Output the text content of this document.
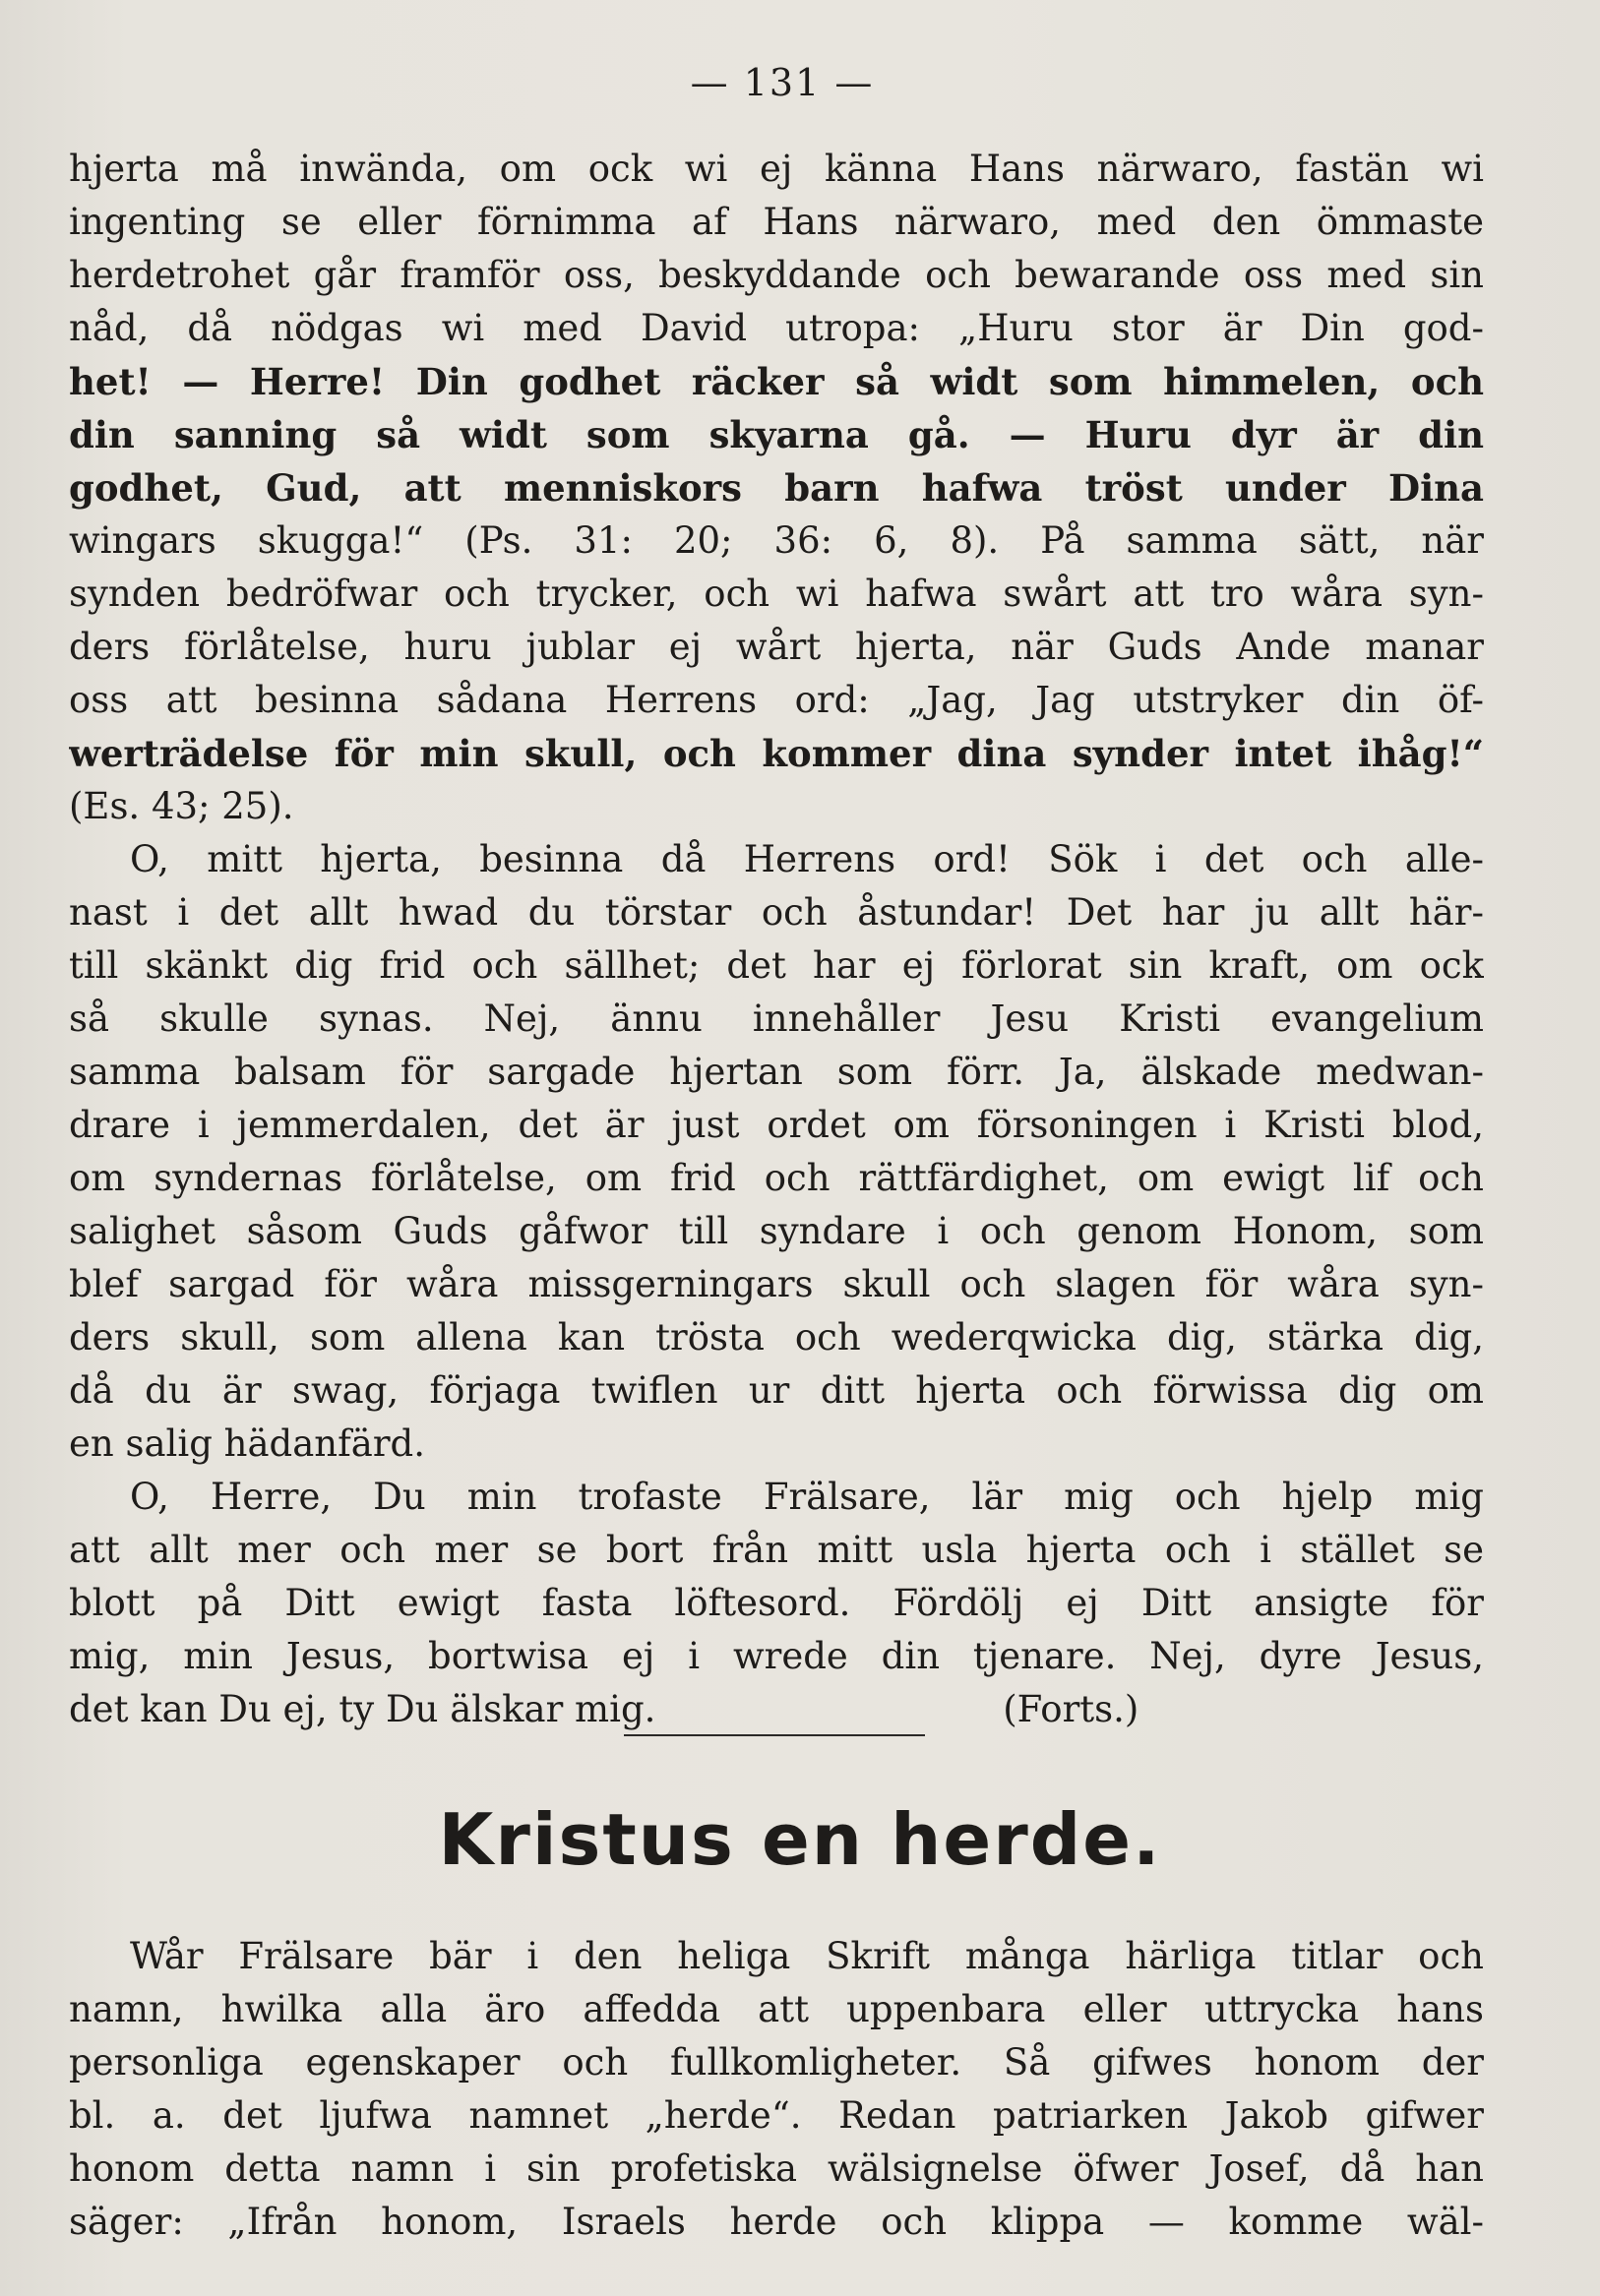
— 131 —
hjerta må inwända, om ock wi ej känna Hans närwaro, fastän wi
ingenting se eller förnimma af Hans närwaro, med den ömmaste
herdetrohet går framför oss, beskyddande och bewarande oss med sin
nåd, då nödgas wi med David utropa: „Huru stor är Din god-
het! — Herre! Din godhet räcker så widt som himmelen, och
din sanning så widt som skyarna gå. — Huru dyr är din
godhet, Gud, att menniskors barn hafwa tröst under Dina
wingars skugga!“ (Ps. 31: 20; 36: 6, 8). På samma sätt, när
synden bedröfwar och trycker, och wi hafwa swårt att tro wåra syn-
ders förlåtelse, huru jublar ej wårt hjerta, när Guds Ande manar
oss att besinna sådana Herrens ord: „Jag, Jag utstryker din öf-
werträdelse för min skull, och kommer dina synder intet ihåg!“
(Es. 43; 25).
O, mitt hjerta, besinna då Herrens ord! Sök i det och alle-
nast i det allt hwad du törstar och åstundar! Det har ju allt här-
till skänkt dig frid och sällhet; det har ej förlorat sin kraft, om ock
så skulle synas. Nej, ännu innehåller Jesu Kristi evangelium
samma balsam för sargade hjertan som förr. Ja, älskade medwan-
drare i jemmerdalen, det är just ordet om försoningen i Kristi blod,
om syndernas förlåtelse, om frid och rättfärdighet, om ewigt lif och
salighet såsom Guds gåfwor till syndare i och genom Honom, som
blef sargad för wåra missgerningars skull och slagen för wåra syn-
ders skull, som allena kan trösta och wederqwicka dig, stärka dig,
då du är swag, förjaga twiflen ur ditt hjerta och förwissa dig om
en salig hädanfärd.
O, Herre, Du min trofaste Frälsare, lär mig och hjelp mig
att allt mer och mer se bort från mitt usla hjerta och i stället se
blott på Ditt ewigt fasta löftesord. Fördölj ej Ditt ansigte för
mig, min Jesus, bortwisa ej i wrede din tjenare. Nej, dyre Jesus,
det kan Du ej, ty Du älskar mig.                              (Forts.)
Kristus en herde.
Wår Frälsare bär i den heliga Skrift många härliga titlar och
namn, hwilka alla äro affedda att uppenbara eller uttrycka hans
personliga egenskaper och fullkomligheter. Så gifwes honom der
bl. a. det ljufwa namnet „herde“. Redan patriarken Jakob gifwer
honom detta namn i sin profetiska wälsignelse öfwer Josef, då han
säger: „Ifrån honom, Israels herde och klippa — komme wäl-
